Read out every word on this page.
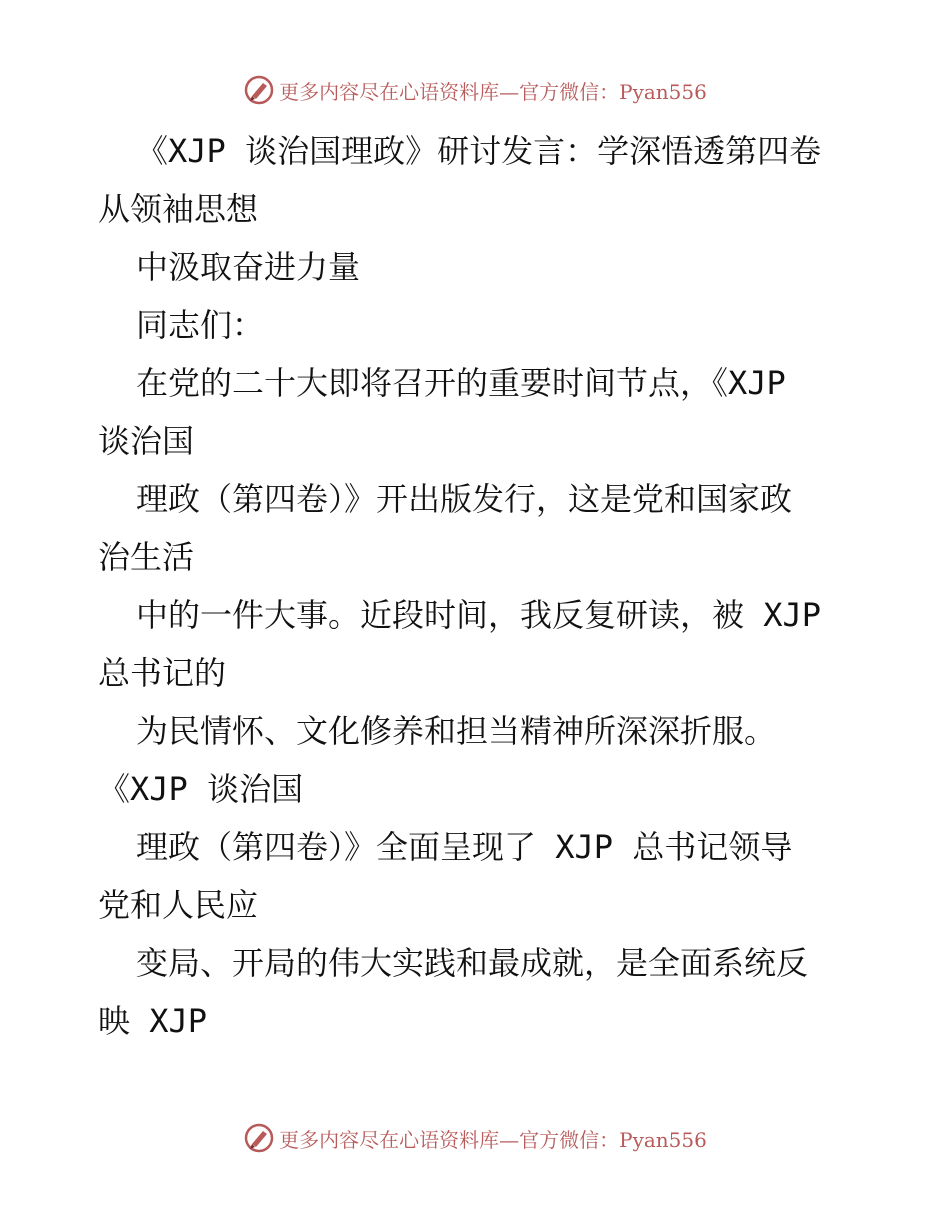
更多内容尽在心语资料库—官方微信：Pyan556
《XJP 谈治国理政》研讨发言：学深悟透第四卷
从领袖思想
中汲取奋进力量
同志们：
在党的二十大即将召开的重要时间节点，《XJP
谈治国
理政（第四卷）》开出版发行，这是党和国家政
治生活
中的一件大事。近段时间，我反复研读，被 XJP
总书记的
为民情怀、文化修养和担当精神所深深折服。
《XJP 谈治国
理政（第四卷）》全面呈现了 XJP 总书记领导
党和人民应
变局、开局的伟大实践和最成就，是全面系统反
映 XJP
更多内容尽在心语资料库—官方微信：Pyan556
